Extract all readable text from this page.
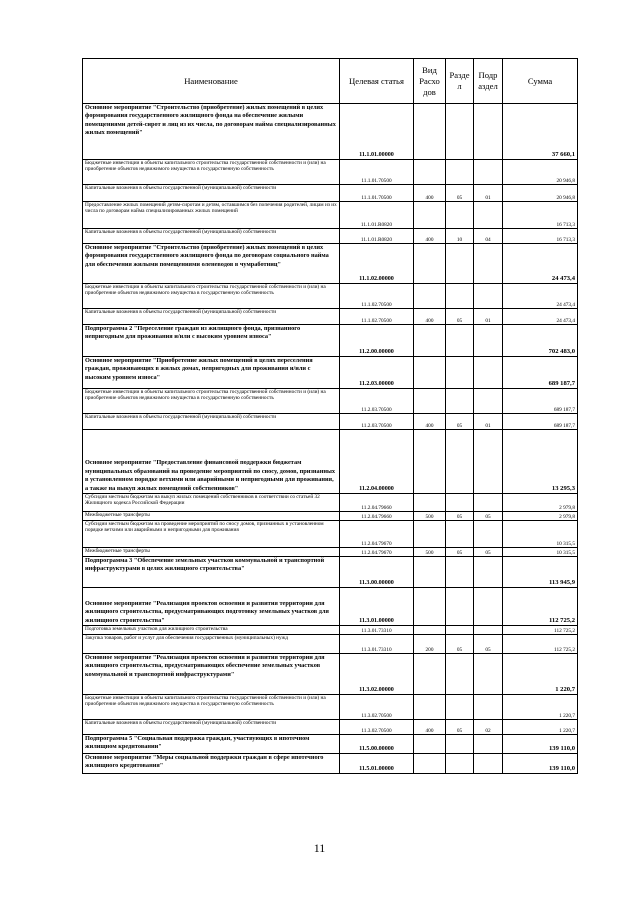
Наименование	Целевая статья	Вид Расхо дов	Разде л	Подр аздел	Сумма
Основное мероприятие "Строительство (приобретение) жилых помещений в целях формирования государственного жилищного фонда на обеспечение жилыми помещениями детей-сирот и лиц из их числа, по договорам найма специализированных жилых помещений"	11.1.01.00000				37 660,1
Бюджетные инвестиции в объекты капитального строительства государственной собственности и (или) на приобретение объектов недвижимого имущества в государственную собственность	11.1.01.70500				20 946,8
Капитальные вложения в объекты государственной (муниципальной) собственности	11.1.01.70500	400	05	01	20 946,8
Предоставление жилых помещений детям-сиротам и детям, оставшимся без попечения родителей, лицам из их числа по договорам найма специализированных жилых помещений	11.1.01.R0820				16 713,3
Капитальные вложения в объекты государственной (муниципальной) собственности	11.1.01.R0820	400	10	04	16 713,3
Основное мероприятие "Строительство (приобретение) жилых помещений в целях формирования государственного жилищного фонда по договорам социального найма для обеспечения жилыми помещениями оленеводов в чумработниц"	11.1.02.00000				24 473,4
Бюджетные инвестиции в объекты капитального строительства государственной собственности и (или) на приобретение объектов недвижимого имущества в государственную собственность	11.1.02.70500				24 473,4
Капитальные вложения в объекты государственной (муниципальной) собственности	11.1.02.70500	400	05	01	24 473,4
Подпрограмма 2 "Переселение граждан из жилищного фонда, признанного непригодным для проживания и/или с высоким уровнем износа"	11.2.00.00000				702 483,0
Основное мероприятие "Приобретение жилых помещений в целях переселения граждан, проживающих в жилых домах, непригодных для проживания и/или с высоким уровнем износа"	11.2.03.00000				689 187,7
Бюджетные инвестиции в объекты капитального строительства государственной собственности и (или) на приобретение объектов недвижимого имущества в государственную собственность	11.2.03.70500				689 187,7
Капитальные вложения в объекты государственной (муниципальной) собственности	11.2.03.70500	400	05	01	689 187,7
Основное мероприятие "Предоставление финансовой поддержки бюджетам муниципальных образований на проведение мероприятий по сносу, домов, признанных в установленном порядке ветхими или аварийными и непригодными для проживания, а также на выкуп жилых помещений собственников"	11.2.04.00000				13 295,3
Субсидии местным бюджетам на выкуп жилых помещений собственников в соответствии со статьей 32 Жилищного кодекса Российской Федерации	11.2.04.79660				2 979,8
Межбюджетные трансферты	11.2.04.79660	500	05	05	2 979,8
Субсидии местным бюджетам на проведение мероприятий по сносу домов, признанных в установленном порядке ветхими или аварийными и непригодными для проживания	11.2.04.79670				10 315,5
Межбюджетные трансферты	11.2.04.79670	500	05	05	10 315,5
Подпрограмма 3 "Обеспечение земельных участков коммунальной и транспортной инфраструктурами в целях жилищного строительства"	11.3.00.00000				113 945,9
Основное мероприятие "Реализация проектов освоения и развития территории для жилищного строительства, предусматривающих подготовку земельных участков для жилищного строительства"	11.3.01.00000				112 725,2
Подготовка земельных участков для жилищного строительства	11.3.01.73310				112 725,2
Закупка товаров, работ и услуг для обеспечения государственных (муниципальных) нужд	11.3.01.73310	200	05	05	112 725,2
Основное мероприятие "Реализация проектов освоения и развития территории для жилищного строительства, предусматривающих обеспечение земельных участков коммунальной и транспортной инфраструктурами"	11.3.02.00000				1 220,7
Бюджетные инвестиции в объекты капитального строительства государственной собственности и (или) на приобретение объектов недвижимого имущества в государственную собственность	11.3.02.70500				1 220,7
Капитальные вложения в объекты государственной (муниципальной) собственности	11.3.02.70500	400	05	02	1 220,7
Подпрограмма 5 "Социальная поддержка граждан, участвующих в ипотечном жилищном кредитовании"	11.5.00.00000				139 110,0
Основное мероприятие "Меры социальной поддержки граждан в сфере ипотечного жилищного кредитования"	11.5.01.00000				139 110,0
11
